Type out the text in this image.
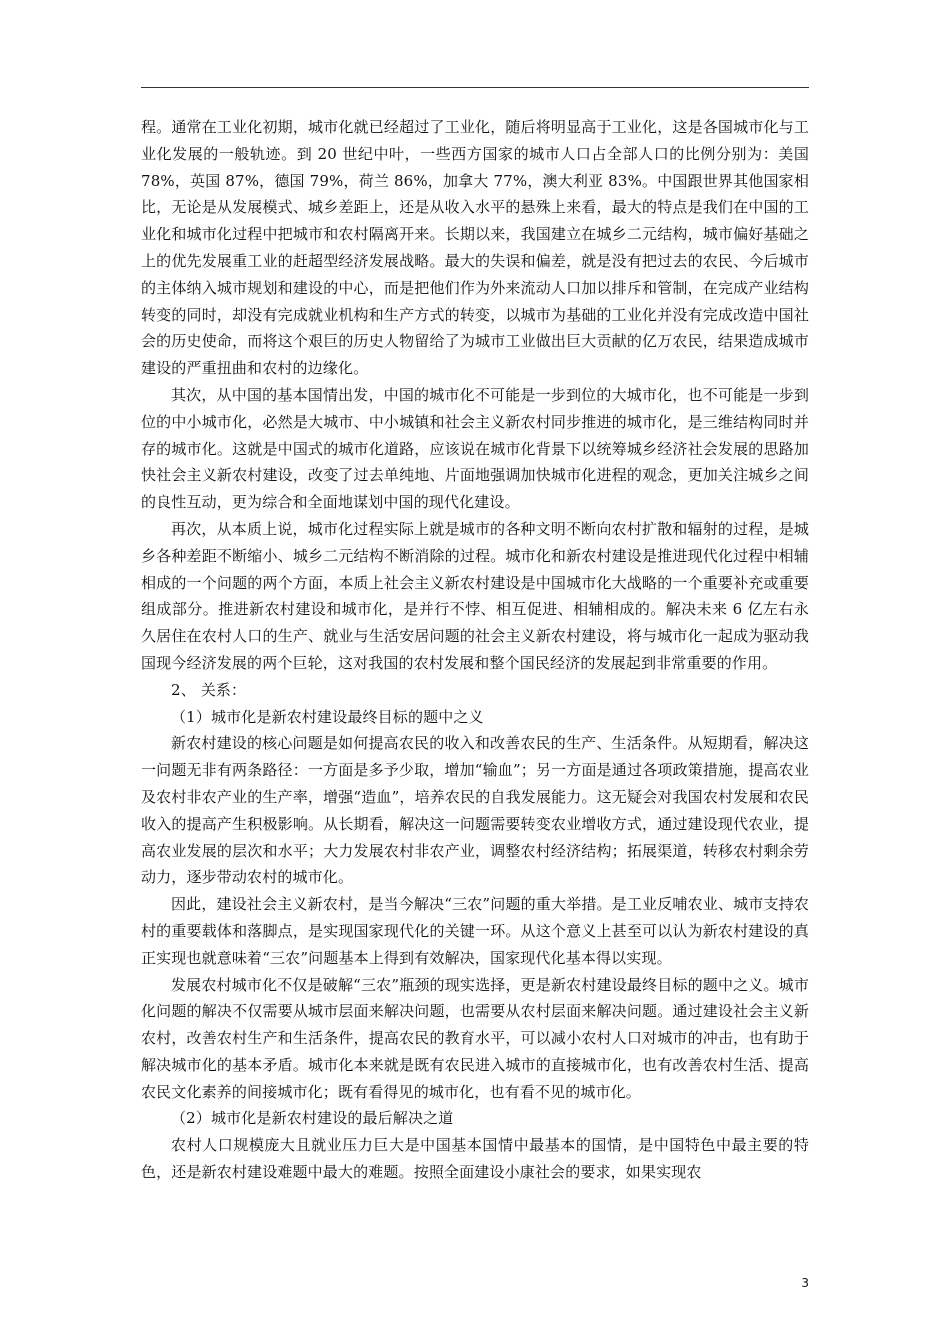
程。通常在工业化初期，城市化就已经超过了工业化，随后将明显高于工业化，这是各国城市化与工业化发展的一般轨迹。到 20 世纪中叶，一些西方国家的城市人口占全部人口的比例分别为：美国 78%，英国 87%，德国 79%，荷兰 86%，加拿大 77%，澳大利亚 83%。中国跟世界其他国家相比，无论是从发展模式、城乡差距上，还是从收入水平的悬殊上来看，最大的特点是我们在中国的工业化和城市化过程中把城市和农村隔离开来。长期以来，我国建立在城乡二元结构，城市偏好基础之上的优先发展重工业的赶超型经济发展战略。最大的失误和偏差，就是没有把过去的农民、今后城市的主体纳入城市规划和建设的中心，而是把他们作为外来流动人口加以排斥和管制，在完成产业结构转变的同时，却没有完成就业机构和生产方式的转变，以城市为基础的工业化并没有完成改造中国社会的历史使命，而将这个艰巨的历史人物留给了为城市工业做出巨大贡献的亿万农民，结果造成城市建设的严重扭曲和农村的边缘化。

其次，从中国的基本国情出发，中国的城市化不可能是一步到位的大城市化，也不可能是一步到位的中小城市化，必然是大城市、中小城镇和社会主义新农村同步推进的城市化，是三维结构同时并存的城市化。这就是中国式的城市化道路，应该说在城市化背景下以统筹城乡经济社会发展的思路加快社会主义新农村建设，改变了过去单纯地、片面地强调加快城市化进程的观念，更加关注城乡之间的良性互动，更为综合和全面地谋划中国的现代化建设。

再次，从本质上说，城市化过程实际上就是城市的各种文明不断向农村扩散和辐射的过程，是城乡各种差距不断缩小、城乡二元结构不断消除的过程。城市化和新农村建设是推进现代化过程中相辅相成的一个问题的两个方面，本质上社会主义新农村建设是中国城市化大战略的一个重要补充或重要组成部分。推进新农村建设和城市化，是并行不悖、相互促进、相辅相成的。解决未来 6 亿左右永久居住在农村人口的生产、就业与生活安居问题的社会主义新农村建设，将与城市化一起成为驱动我国现今经济发展的两个巨轮，这对我国的农村发展和整个国民经济的发展起到非常重要的作用。

2、 关系：

（1）城市化是新农村建设最终目标的题中之义

新农村建设的核心问题是如何提高农民的收入和改善农民的生产、生活条件。从短期看，解决这一问题无非有两条路径：一方面是多予少取，增加“输血”；另一方面是通过各项政策措施，提高农业及农村非农产业的生产率，增强“造血”，培养农民的自我发展能力。这无疑会对我国农村发展和农民收入的提高产生积极影响。从长期看，解决这一问题需要转变农业增收方式，通过建设现代农业，提高农业发展的层次和水平；大力发展农村非农产业，调整农村经济结构；拓展渠道，转移农村剩余劳动力，逐步带动农村的城市化。

因此，建设社会主义新农村，是当今解决“三农”问题的重大举措。是工业反哺农业、城市支持农村的重要载体和落脚点，是实现国家现代化的关键一环。从这个意义上甚至可以认为新农村建设的真正实现也就意味着“三农”问题基本上得到有效解决，国家现代化基本得以实现。

发展农村城市化不仅是破解“三农”瓶颈的现实选择，更是新农村建设最终目标的题中之义。城市化问题的解决不仅需要从城市层面来解决问题，也需要从农村层面来解决问题。通过建设社会主义新农村，改善农村生产和生活条件，提高农民的教育水平，可以减小农村人口对城市的冲击，也有助于解决城市化的基本矛盾。城市化本来就是既有农民进入城市的直接城市化，也有改善农村生活、提高农民文化素养的间接城市化；既有看得见的城市化，也有看不见的城市化。

（2）城市化是新农村建设的最后解决之道

农村人口规模庞大且就业压力巨大是中国基本国情中最基本的国情，是中国特色中最主要的特色，还是新农村建设难题中最大的难题。按照全面建设小康社会的要求，如果实现农

3
